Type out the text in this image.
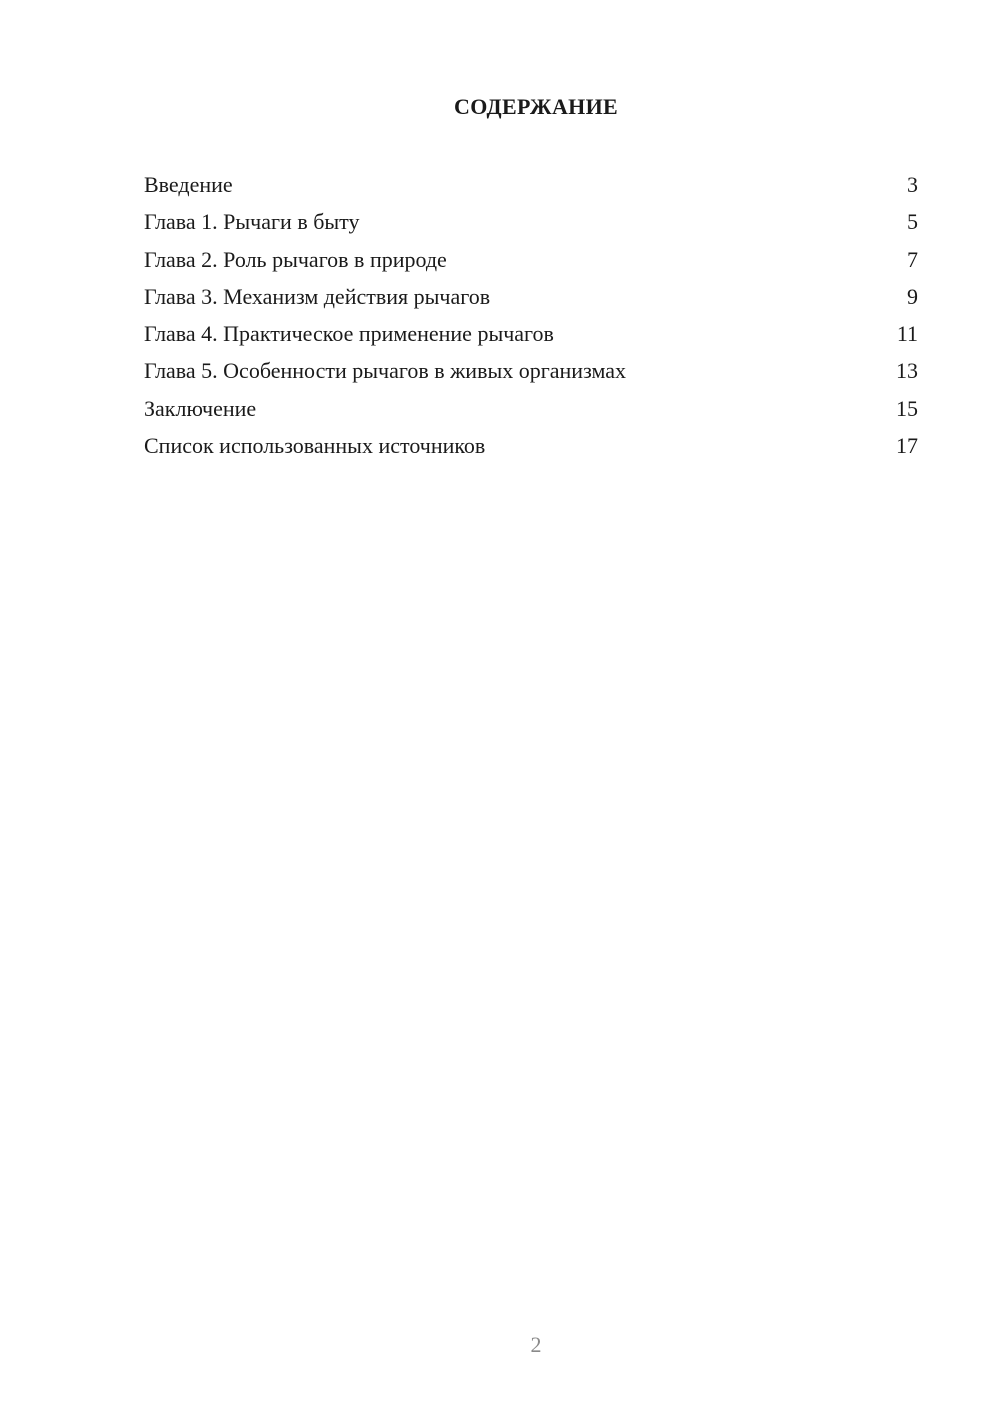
СОДЕРЖАНИЕ
Введение	3
Глава 1. Рычаги в быту	5
Глава 2. Роль рычагов в природе	7
Глава 3. Механизм действия рычагов	9
Глава 4. Практическое применение рычагов	11
Глава 5. Особенности рычагов в живых организмах	13
Заключение	15
Список использованных источников	17
2
